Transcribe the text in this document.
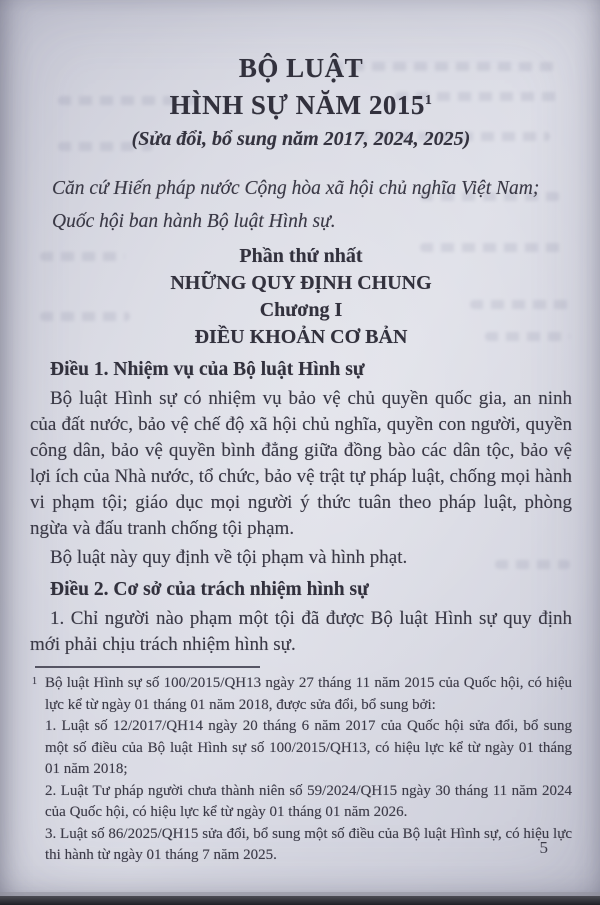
BỘ LUẬT
HÌNH SỰ NĂM 2015$^1$

(Sửa đổi, bổ sung năm 2017, 2024, 2025)

Căn cứ Hiến pháp nước Cộng hòa xã hội chủ nghĩa Việt Nam;

Quốc hội ban hành Bộ luật Hình sự.

Phần thứ nhất

NHỮNG QUY ĐỊNH CHUNG

Chương I

ĐIỀU KHOẢN CƠ BẢN

Điều 1. Nhiệm vụ của Bộ luật Hình sự

Bộ luật Hình sự có nhiệm vụ bảo vệ chủ quyền quốc gia, an ninh của đất nước, bảo vệ chế độ xã hội chủ nghĩa, quyền con người, quyền công dân, bảo vệ quyền bình đẳng giữa đồng bào các dân tộc, bảo vệ lợi ích của Nhà nước, tổ chức, bảo vệ trật tự pháp luật, chống mọi hành vi phạm tội; giáo dục mọi người ý thức tuân theo pháp luật, phòng ngừa và đấu tranh chống tội phạm.

Bộ luật này quy định về tội phạm và hình phạt.

Điều 2. Cơ sở của trách nhiệm hình sự

1. Chỉ người nào phạm một tội đã được Bộ luật Hình sự quy định mới phải chịu trách nhiệm hình sự.

1 Bộ luật Hình sự số 100/2015/QH13 ngày 27 tháng 11 năm 2015 của Quốc hội, có hiệu lực kể từ ngày 01 tháng 01 năm 2018, được sửa đổi, bổ sung bởi:

1. Luật số 12/2017/QH14 ngày 20 tháng 6 năm 2017 của Quốc hội sửa đổi, bổ sung một số điều của Bộ luật Hình sự số 100/2015/QH13, có hiệu lực kể từ ngày 01 tháng 01 năm 2018;

2. Luật Tư pháp người chưa thành niên số 59/2024/QH15 ngày 30 tháng 11 năm 2024 của Quốc hội, có hiệu lực kể từ ngày 01 tháng 01 năm 2026.

3. Luật số 86/2025/QH15 sửa đổi, bổ sung một số điều của Bộ luật Hình sự, có hiệu lực thi hành từ ngày 01 tháng 7 năm 2025.	5
